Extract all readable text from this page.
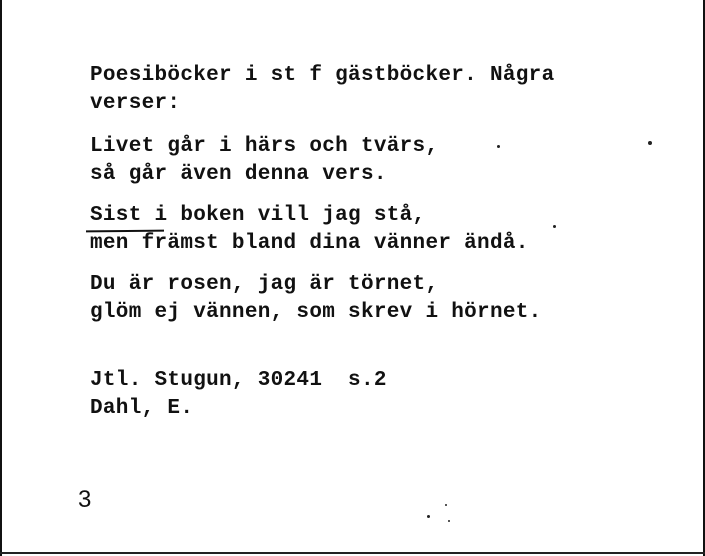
Poesiböcker i st f gästböcker. Några
verser:
Livet går i härs och tvärs,
så går även denna vers.
Sist i boken vill jag stå,
men främst bland dina vänner ändå.
Du är rosen, jag är törnet,
glöm ej vännen, som skrev i hörnet.
Jtl. Stugun, 30241  s.2
Dahl, E.
3
